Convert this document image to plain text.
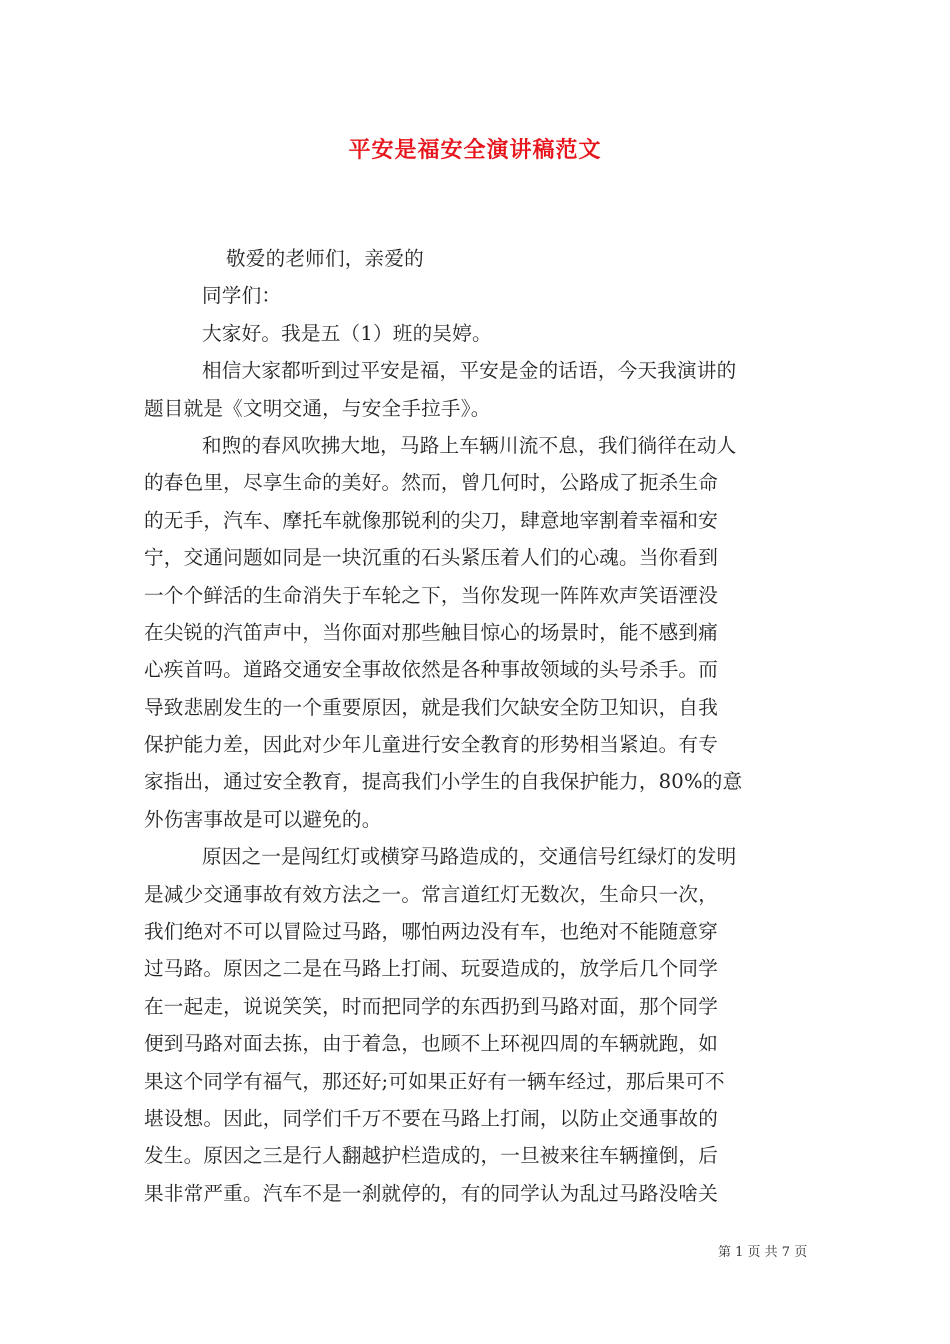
平安是福安全演讲稿范文
敬爱的老师们，亲爱的
同学们：
大家好。我是五（1）班的吴婷。
相信大家都听到过平安是福，平安是金的话语，今天我演讲的
题目就是《文明交通，与安全手拉手》。
和煦的春风吹拂大地，马路上车辆川流不息，我们徜徉在动人
的春色里，尽享生命的美好。然而，曾几何时，公路成了扼杀生命
的无手，汽车、摩托车就像那锐利的尖刀，肆意地宰割着幸福和安
宁，交通问题如同是一块沉重的石头紧压着人们的心魂。当你看到
一个个鲜活的生命消失于车轮之下，当你发现一阵阵欢声笑语湮没
在尖锐的汽笛声中，当你面对那些触目惊心的场景时，能不感到痛
心疾首吗。道路交通安全事故依然是各种事故领域的头号杀手。而
导致悲剧发生的一个重要原因，就是我们欠缺安全防卫知识，自我
保护能力差，因此对少年儿童进行安全教育的形势相当紧迫。有专
家指出，通过安全教育，提高我们小学生的自我保护能力，80%的意
外伤害事故是可以避免的。
原因之一是闯红灯或横穿马路造成的，交通信号红绿灯的发明
是减少交通事故有效方法之一。常言道红灯无数次，生命只一次，
我们绝对不可以冒险过马路，哪怕两边没有车，也绝对不能随意穿
过马路。原因之二是在马路上打闹、玩耍造成的，放学后几个同学
在一起走，说说笑笑，时而把同学的东西扔到马路对面，那个同学
便到马路对面去拣，由于着急，也顾不上环视四周的车辆就跑，如
果这个同学有福气，那还好;可如果正好有一辆车经过，那后果可不
堪设想。因此，同学们千万不要在马路上打闹，以防止交通事故的
发生。原因之三是行人翻越护栏造成的，一旦被来往车辆撞倒，后
果非常严重。汽车不是一刹就停的，有的同学认为乱过马路没啥关
第 1 页 共 7 页
